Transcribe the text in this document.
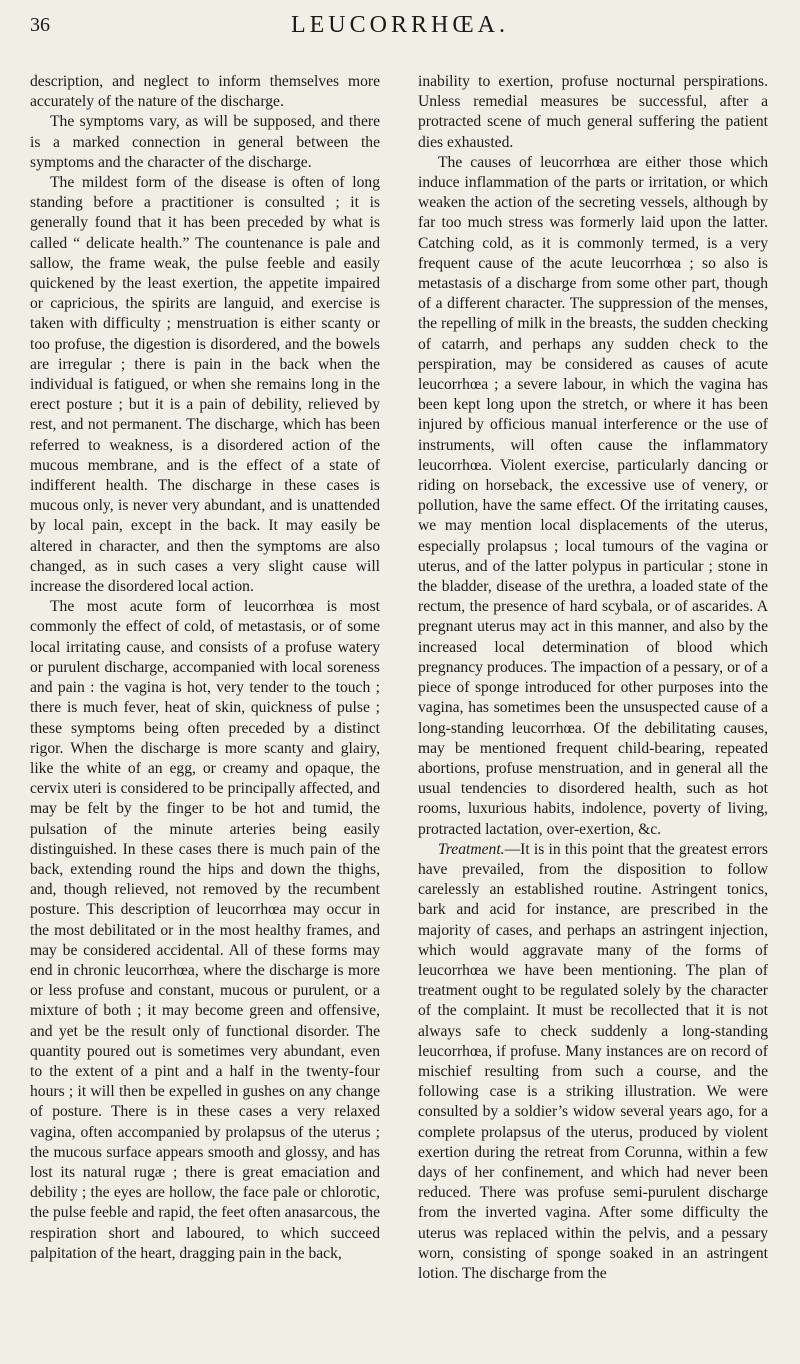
36	LEUCORRHŒA.

description, and neglect to inform themselves more accurately of the nature of the discharge.

The symptoms vary, as will be supposed, and there is a marked connection in general between the symptoms and the character of the discharge.

The mildest form of the disease is often of long standing before a practitioner is consulted ; it is generally found that it has been preceded by what is called “ delicate health.” The countenance is pale and sallow, the frame weak, the pulse feeble and easily quickened by the least exertion, the appetite impaired or capricious, the spirits are languid, and exercise is taken with difficulty ; menstruation is either scanty or too profuse, the digestion is disordered, and the bowels are irregular ; there is pain in the back when the individual is fatigued, or when she remains long in the erect posture ; but it is a pain of debility, relieved by rest, and not permanent. The discharge, which has been referred to weakness, is a disordered action of the mucous membrane, and is the effect of a state of indifferent health. The discharge in these cases is mucous only, is never very abundant, and is unattended by local pain, except in the back. It may easily be altered in character, and then the symptoms are also changed, as in such cases a very slight cause will increase the disordered local action.

The most acute form of leucorrhœa is most commonly the effect of cold, of metastasis, or of some local irritating cause, and consists of a profuse watery or purulent discharge, accompanied with local soreness and pain : the vagina is hot, very tender to the touch ; there is much fever, heat of skin, quickness of pulse ; these symptoms being often preceded by a distinct rigor. When the discharge is more scanty and glairy, like the white of an egg, or creamy and opaque, the cervix uteri is considered to be principally affected, and may be felt by the finger to be hot and tumid, the pulsation of the minute arteries being easily distinguished. In these cases there is much pain of the back, extending round the hips and down the thighs, and, though relieved, not removed by the recumbent posture. This description of leucorrhœa may occur in the most debilitated or in the most healthy frames, and may be considered accidental. All of these forms may end in chronic leucorrhœa, where the discharge is more or less profuse and constant, mucous or purulent, or a mixture of both ; it may become green and offensive, and yet be the result only of functional disorder. The quantity poured out is sometimes very abundant, even to the extent of a pint and a half in the twenty-four hours ; it will then be expelled in gushes on any change of posture. There is in these cases a very relaxed vagina, often accompanied by prolapsus of the uterus ; the mucous surface appears smooth and glossy, and has lost its natural rugæ ; there is great emaciation and debility ; the eyes are hollow, the face pale or chlorotic, the pulse feeble and rapid, the feet often anasarcous, the respiration short and laboured, to which succeed palpitation of the heart, dragging pain in the back,

inability to exertion, profuse nocturnal perspirations. Unless remedial measures be successful, after a protracted scene of much general suffering the patient dies exhausted.

The causes of leucorrhœa are either those which induce inflammation of the parts or irritation, or which weaken the action of the secreting vessels, although by far too much stress was formerly laid upon the latter. Catching cold, as it is commonly termed, is a very frequent cause of the acute leucorrhœa ; so also is metastasis of a discharge from some other part, though of a different character. The suppression of the menses, the repelling of milk in the breasts, the sudden checking of catarrh, and perhaps any sudden check to the perspiration, may be considered as causes of acute leucorrhœa ; a severe labour, in which the vagina has been kept long upon the stretch, or where it has been injured by officious manual interference or the use of instruments, will often cause the inflammatory leucorrhœa. Violent exercise, particularly dancing or riding on horseback, the excessive use of venery, or pollution, have the same effect. Of the irritating causes, we may mention local displacements of the uterus, especially prolapsus ; local tumours of the vagina or uterus, and of the latter polypus in particular ; stone in the bladder, disease of the urethra, a loaded state of the rectum, the presence of hard scybala, or of ascarides. A pregnant uterus may act in this manner, and also by the increased local determination of blood which pregnancy produces. The impaction of a pessary, or of a piece of sponge introduced for other purposes into the vagina, has sometimes been the unsuspected cause of a long-standing leucorrhœa. Of the debilitating causes, may be mentioned frequent child-bearing, repeated abortions, profuse menstruation, and in general all the usual tendencies to disordered health, such as hot rooms, luxurious habits, indolence, poverty of living, protracted lactation, over-exertion, &c.

Treatment.—It is in this point that the greatest errors have prevailed, from the disposition to follow carelessly an established routine. Astringent tonics, bark and acid for instance, are prescribed in the majority of cases, and perhaps an astringent injection, which would aggravate many of the forms of leucorrhœa we have been mentioning. The plan of treatment ought to be regulated solely by the character of the complaint. It must be recollected that it is not always safe to check suddenly a long-standing leucorrhœa, if profuse. Many instances are on record of mischief resulting from such a course, and the following case is a striking illustration. We were consulted by a soldier’s widow several years ago, for a complete prolapsus of the uterus, produced by violent exertion during the retreat from Corunna, within a few days of her confinement, and which had never been reduced. There was profuse semi-purulent discharge from the inverted vagina. After some difficulty the uterus was replaced within the pelvis, and a pessary worn, consisting of sponge soaked in an astringent lotion. The discharge from the
